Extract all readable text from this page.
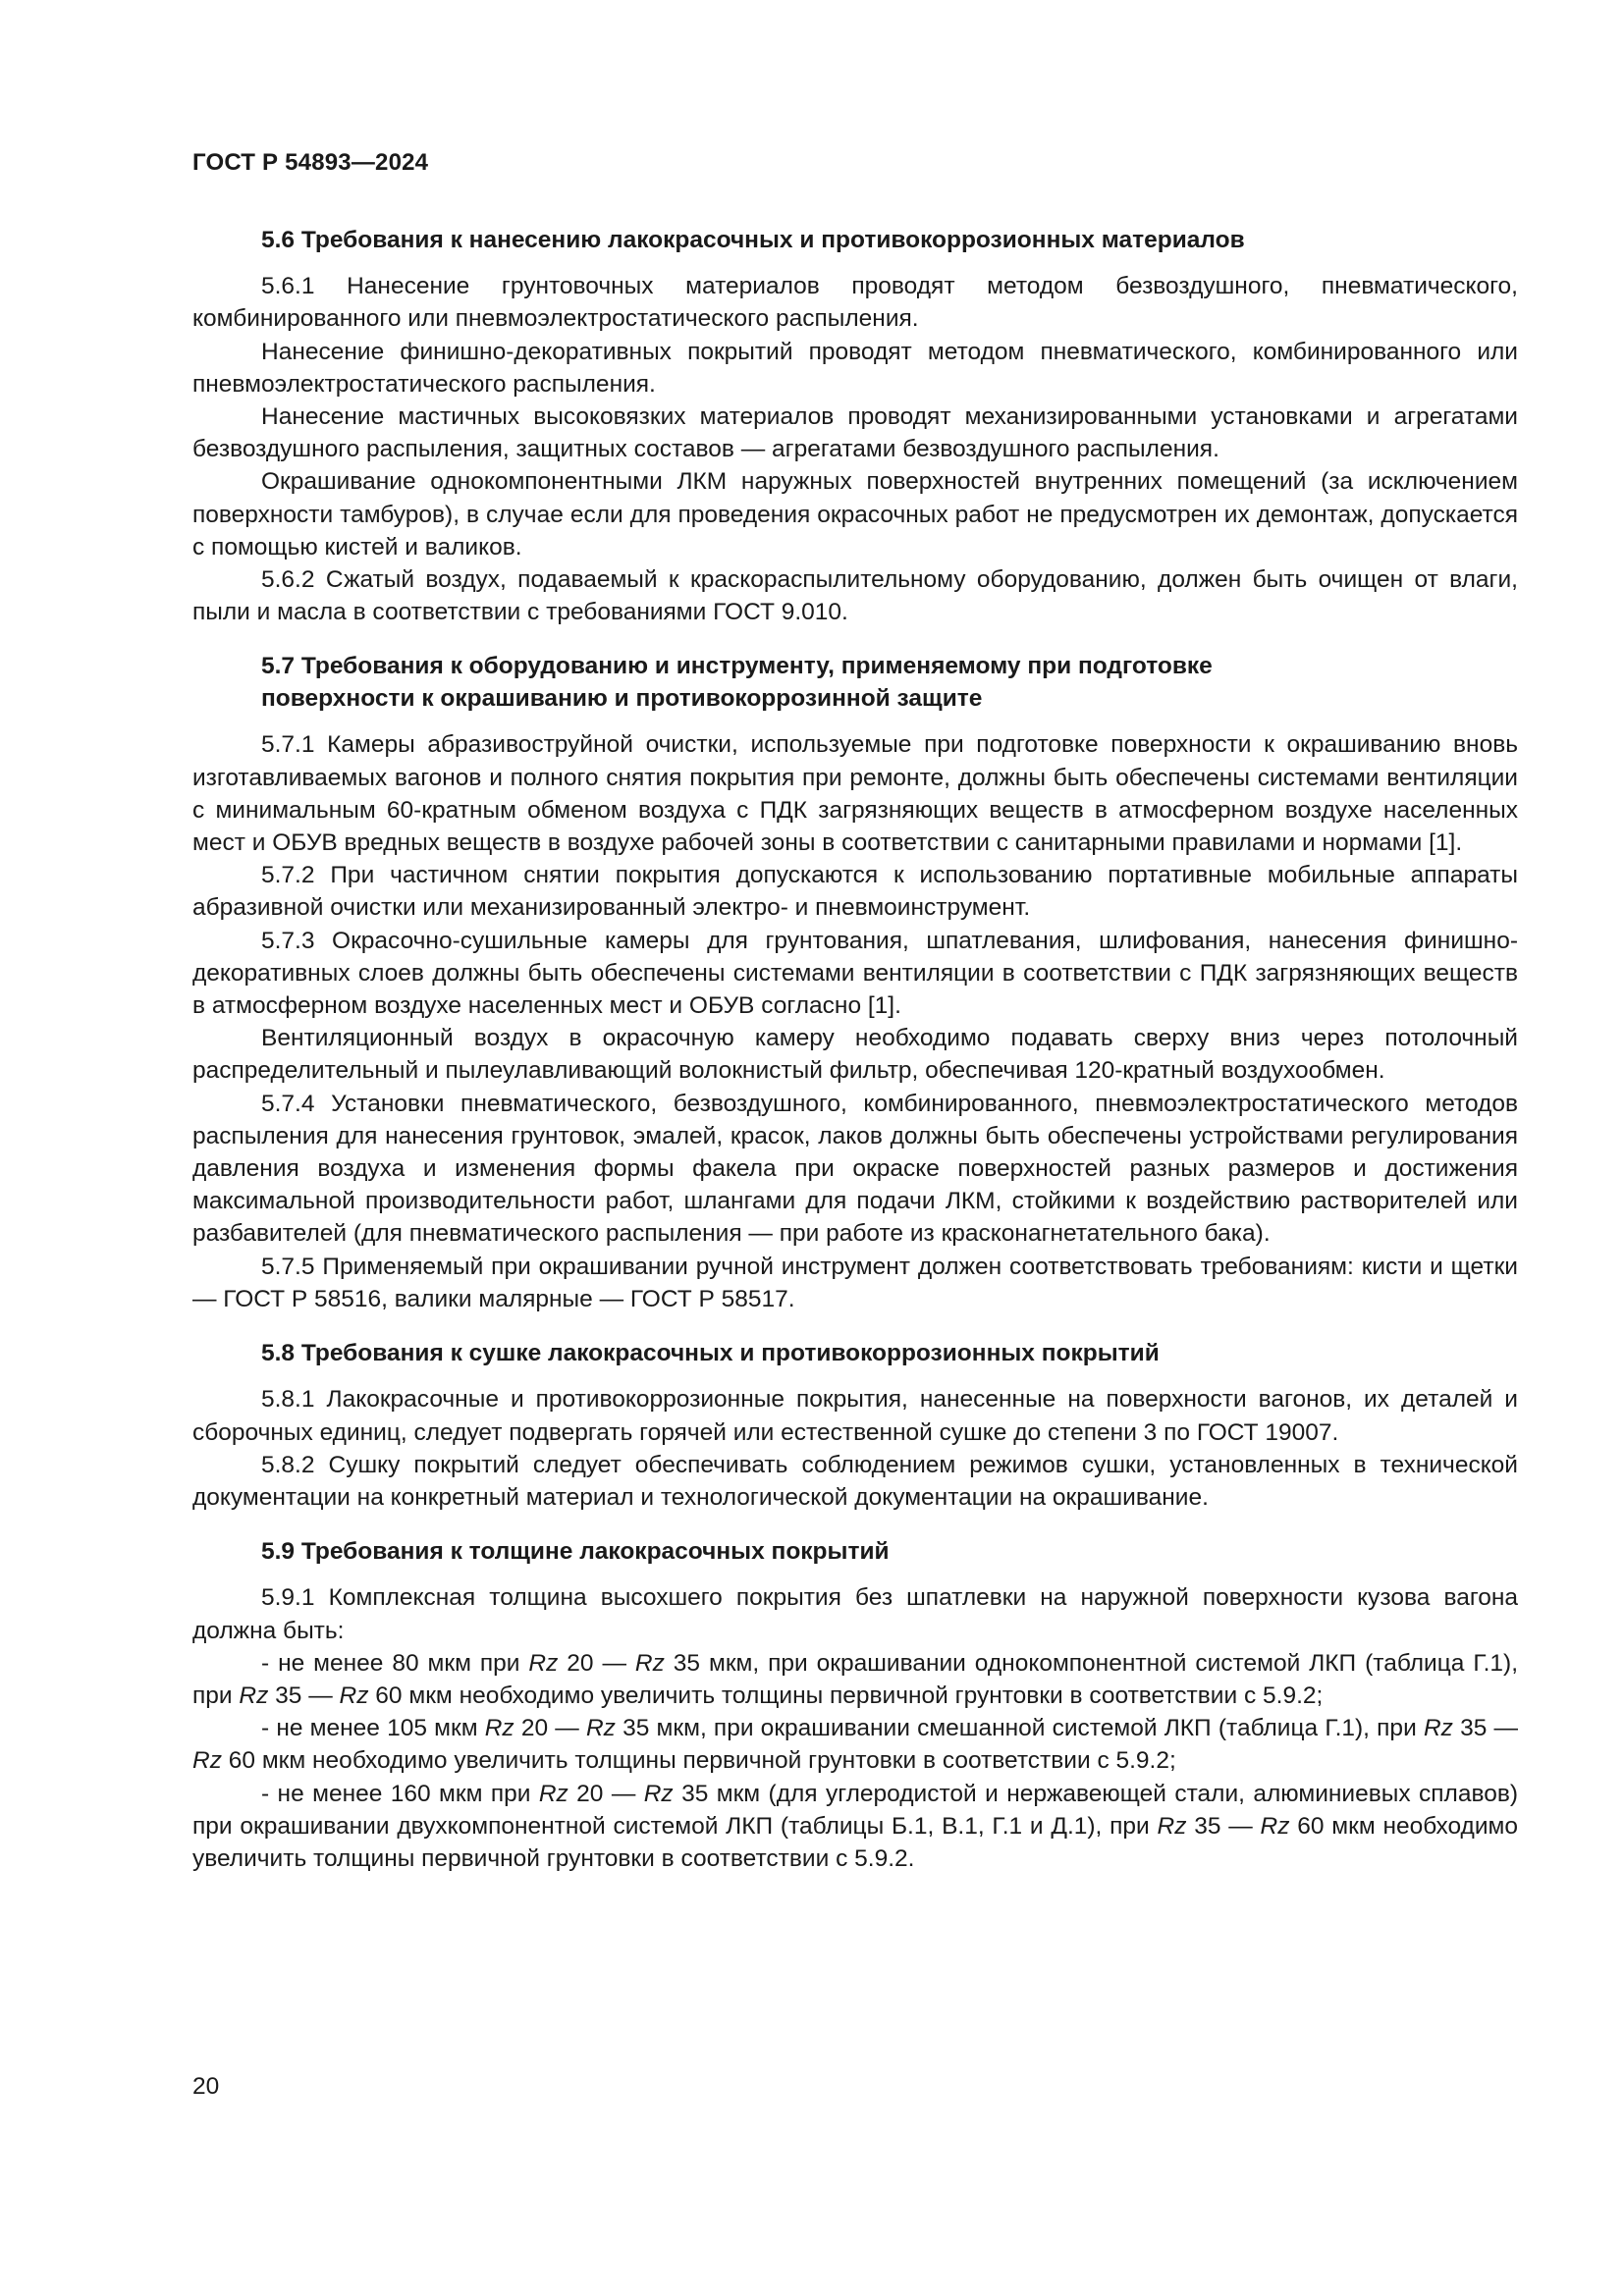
ГОСТ Р 54893—2024

5.6 Требования к нанесению лакокрасочных и противокоррозионных материалов

5.6.1 Нанесение грунтовочных материалов проводят методом безвоздушного, пневматического, комбинированного или пневмоэлектростатического распыления.

Нанесение финишно-декоративных покрытий проводят методом пневматического, комбинированного или пневмоэлектростатического распыления.

Нанесение мастичных высоковязких материалов проводят механизированными установками и агрегатами безвоздушного распыления, защитных составов — агрегатами безвоздушного распыления.

Окрашивание однокомпонентными ЛКМ наружных поверхностей внутренних помещений (за исключением поверхности тамбуров), в случае если для проведения окрасочных работ не предусмотрен их демонтаж, допускается с помощью кистей и валиков.

5.6.2 Сжатый воздух, подаваемый к краскораспылительному оборудованию, должен быть очищен от влаги, пыли и масла в соответствии с требованиями ГОСТ 9.010.

5.7 Требования к оборудованию и инструменту, применяемому при подготовке
поверхности к окрашиванию и противокоррозинной защите

5.7.1 Камеры абразивоструйной очистки, используемые при подготовке поверхности к окрашиванию вновь изготавливаемых вагонов и полного снятия покрытия при ремонте, должны быть обеспечены системами вентиляции с минимальным 60-кратным обменом воздуха с ПДК загрязняющих веществ в атмосферном воздухе населенных мест и ОБУВ вредных веществ в воздухе рабочей зоны в соответствии с санитарными правилами и нормами [1].

5.7.2 При частичном снятии покрытия допускаются к использованию портативные мобильные аппараты абразивной очистки или механизированный электро- и пневмоинструмент.

5.7.3 Окрасочно-сушильные камеры для грунтования, шпатлевания, шлифования, нанесения финишно-декоративных слоев должны быть обеспечены системами вентиляции в соответствии с ПДК загрязняющих веществ в атмосферном воздухе населенных мест и ОБУВ согласно [1].

Вентиляционный воздух в окрасочную камеру необходимо подавать сверху вниз через потолочный распределительный и пылеулавливающий волокнистый фильтр, обеспечивая 120-кратный воздухообмен.

5.7.4 Установки пневматического, безвоздушного, комбинированного, пневмоэлектростатического методов распыления для нанесения грунтовок, эмалей, красок, лаков должны быть обеспечены устройствами регулирования давления воздуха и изменения формы факела при окраске поверхностей разных размеров и достижения максимальной производительности работ, шлангами для подачи ЛКМ, стойкими к воздействию растворителей или разбавителей (для пневматического распыления — при работе из красконагнетательного бака).

5.7.5 Применяемый при окрашивании ручной инструмент должен соответствовать требованиям: кисти и щетки — ГОСТ Р 58516, валики малярные — ГОСТ Р 58517.

5.8 Требования к сушке лакокрасочных и противокоррозионных покрытий

5.8.1 Лакокрасочные и противокоррозионные покрытия, нанесенные на поверхности вагонов, их деталей и сборочных единиц, следует подвергать горячей или естественной сушке до степени 3 по ГОСТ 19007.

5.8.2 Сушку покрытий следует обеспечивать соблюдением режимов сушки, установленных в технической документации на конкретный материал и технологической документации на окрашивание.

5.9 Требования к толщине лакокрасочных покрытий

5.9.1 Комплексная толщина высохшего покрытия без шпатлевки на наружной поверхности кузова вагона должна быть:

- не менее 80 мкм при Rz 20 — Rz 35 мкм, при окрашивании однокомпонентной системой ЛКП (таблица Г.1), при Rz 35 — Rz 60 мкм необходимо увеличить толщины первичной грунтовки в соответствии с 5.9.2;

- не менее 105 мкм Rz 20 — Rz 35 мкм, при окрашивании смешанной системой ЛКП (таблица Г.1), при Rz 35 — Rz 60 мкм необходимо увеличить толщины первичной грунтовки в соответствии с 5.9.2;

- не менее 160 мкм при Rz 20 — Rz 35 мкм (для углеродистой и нержавеющей стали, алюминиевых сплавов) при окрашивании двухкомпонентной системой ЛКП (таблицы Б.1, В.1, Г.1 и Д.1), при Rz 35 — Rz 60 мкм необходимо увеличить толщины первичной грунтовки в соответствии с 5.9.2.

20
